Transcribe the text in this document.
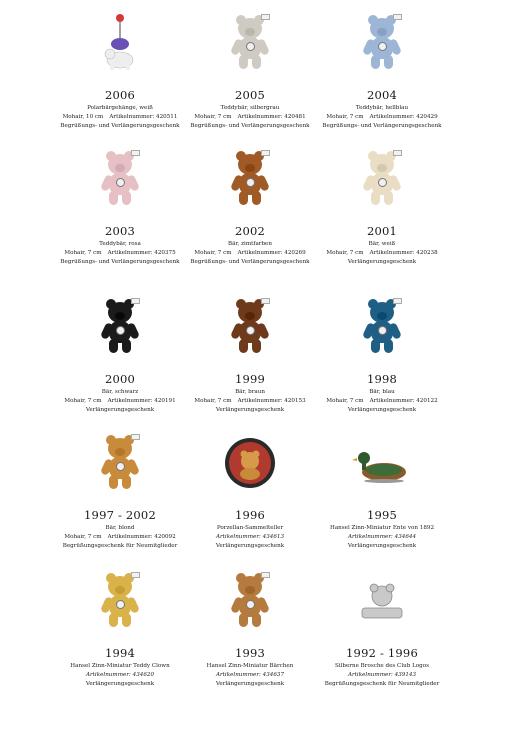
2006
Polarbärgehänge, weiß
Mohair, 10 cm Artikelnummer: 420511
Begrüßungs- und Verlängerungsgeschenk
2005
Teddybär, silbergrau
Mohair, 7 cm Artikelnummer: 420481
Begrüßungs- und Verlängerungsgeschenk
2004
Teddybär, hellblau
Mohair, 7 cm Artikelnummer: 420429
Begrüßungs- und Verlängerungsgeschenk
2003
Teddybär, rosa
Mohair, 7 cm Artikelnummer: 420375
Begrüßungs- und Verlängerungsgeschenk
2002
Bär, zimtfarben
Mohair, 7 cm Artikelnummer: 420269
Begrüßungs- und Verlängerungsgeschenk
2001
Bär, weiß
Mohair, 7 cm Artikelnummer: 420238
Verlängerungsgeschenk
2000
Bär, schwarz
Mohair, 7 cm Artikelnummer: 420191
Verlängerungsgeschenk
1999
Bär, braun
Mohair, 7 cm Artikelnummer: 420153
Verlängerungsgeschenk
1998
Bär, blau
Mohair, 7 cm Artikelnummer: 420122
Verlängerungsgeschenk
1997 - 2002
Bär, blond
Mohair, 7 cm Artikelnummer: 420092
Begrüßungsgeschenk für Neumitglieder
1996
Porzellan-Sammelteller
Artikelnummer: 434613
Verlängerungsgeschenk
1995
Hansel Zinn-Miniatur Ente von 1892
Artikelnummer: 434644
Verlängerungsgeschenk
1994
Hansel Zinn-Miniatur Teddy Clown
Artikelnummer: 434620
Verlängerungsgeschenk
1993
Hansel Zinn-Miniatur Bärchen
Artikelnummer: 434637
Verlängerungsgeschenk
1992 - 1996
Silberne Brosche des Club Logos
Artikelnummer: 439143
Begrüßungsgeschenk für Neumitglieder
